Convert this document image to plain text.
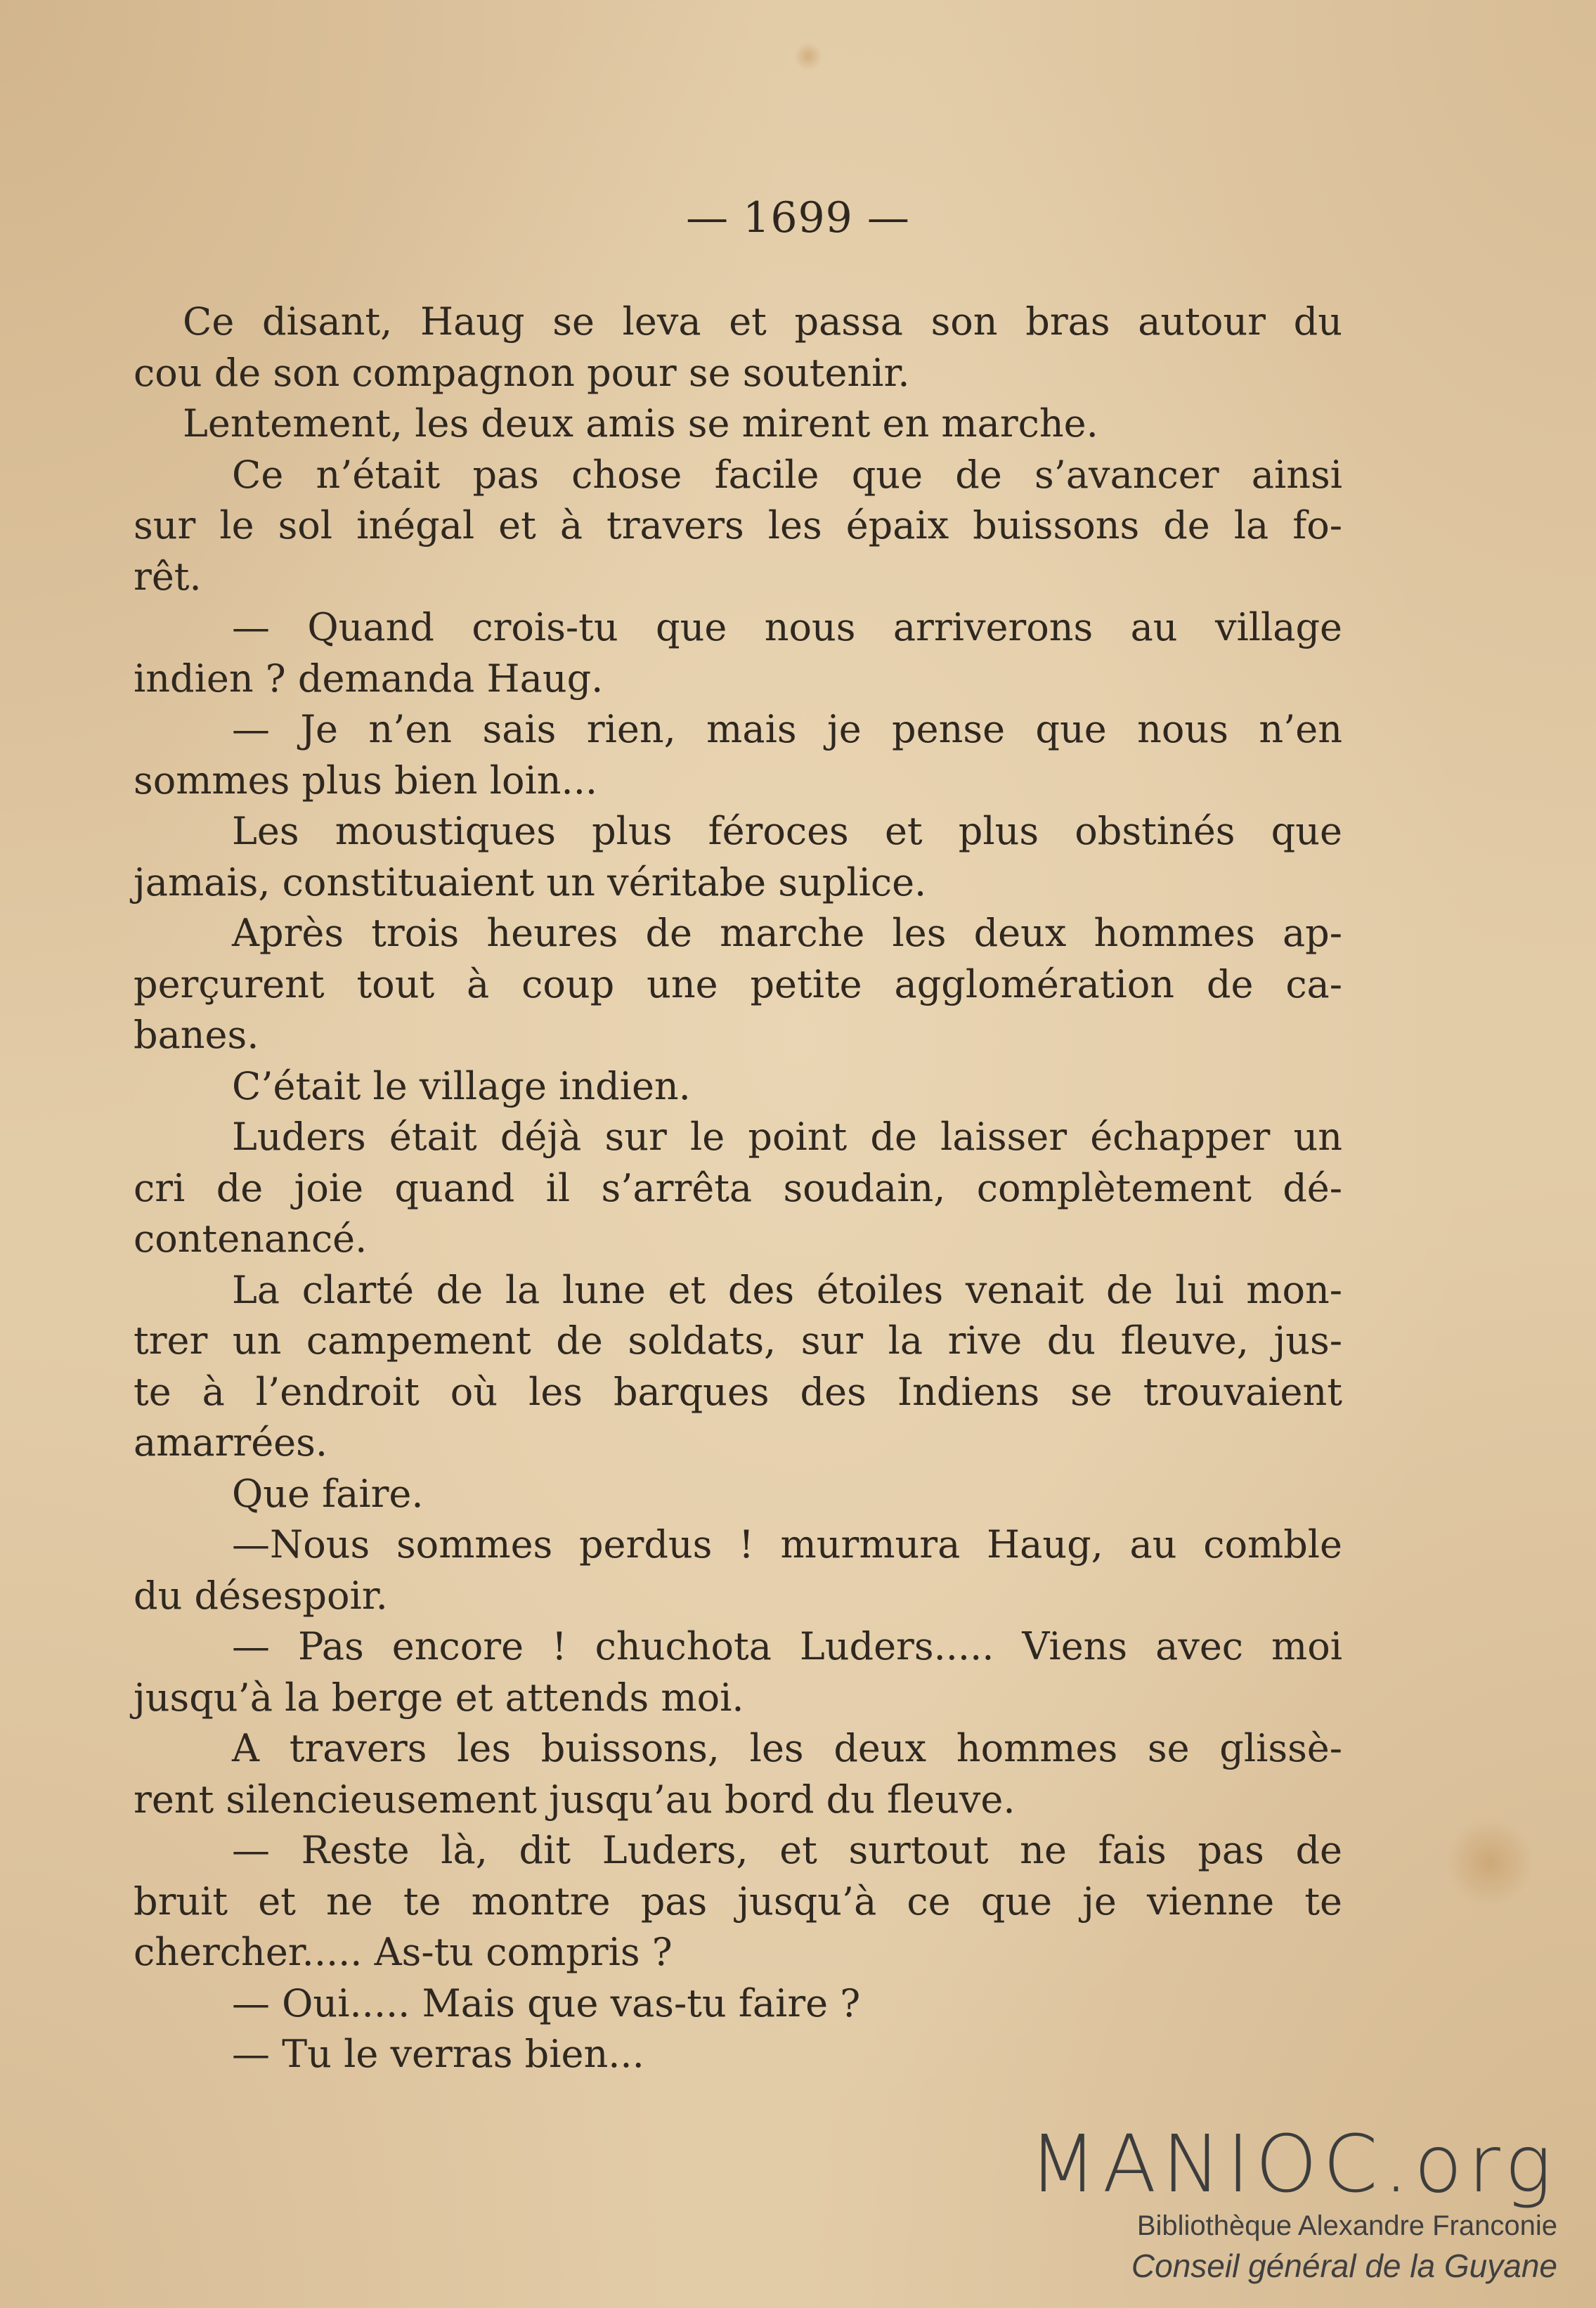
— 1699 —
Ce disant, Haug se leva et passa son bras autour du
cou de son compagnon pour se soutenir.
Lentement, les deux amis se mirent en marche.
Ce n’était pas chose facile que de s’avancer ainsi
sur le sol inégal et à travers les épaix buissons de la fo-
rêt.
— Quand crois-tu que nous arriverons au village
indien ? demanda Haug.
— Je n’en sais rien, mais je pense que nous n’en
sommes plus bien loin...
Les moustiques plus féroces et plus obstinés que
jamais, constituaient un véritabe suplice.
Après trois heures de marche les deux hommes ap-
perçurent tout à coup une petite agglomération de ca-
banes.
C’était le village indien.
Luders était déjà sur le point de laisser échapper un
cri de joie quand il s’arrêta soudain, complètement dé-
contenancé.
La clarté de la lune et des étoiles venait de lui mon-
trer un campement de soldats, sur la rive du fleuve, jus-
te à l’endroit où les barques des Indiens se trouvaient
amarrées.
Que faire.
—Nous sommes perdus ! murmura Haug, au comble
du désespoir.
— Pas encore ! chuchota Luders..... Viens avec moi
jusqu’à la berge et attends moi.
A travers les buissons, les deux hommes se glissè-
rent silencieusement jusqu’au bord du fleuve.
— Reste là, dit Luders, et surtout ne fais pas de
bruit et ne te montre pas jusqu’à ce que je vienne te
chercher..... As-tu compris ?
— Oui..... Mais que vas-tu faire ?
— Tu le verras bien...
MANIOC.org
Bibliothèque Alexandre Franconie
Conseil général de la Guyane
